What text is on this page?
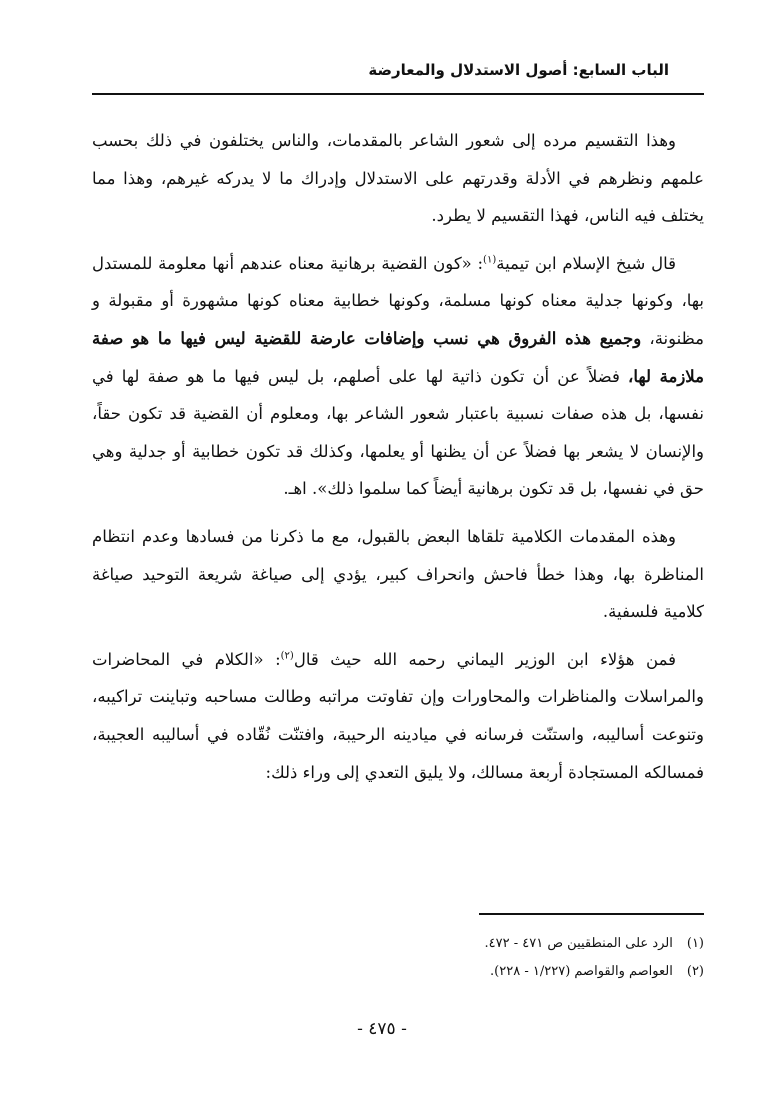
الباب السابع: أصول الاستدلال والمعارضة

وهذا التقسيم مرده إلى شعور الشاعر بالمقدمات، والناس يختلفون في ذلك بحسب علمهم ونظرهم في الأدلة وقدرتهم على الاستدلال وإدراك ما لا يدركه غيرهم، وهذا مما يختلف فيه الناس، فهذا التقسيم لا يطرد.

قال شيخ الإسلام ابن تيمية$^{(١)}$: «كون القضية برهانية معناه عندهم أنها معلومة للمستدل بها، وكونها جدلية معناه كونها مسلمة، وكونها خطابية معناه كونها مشهورة أو مقبولة و مظنونة، وجميع هذه الفروق هي نسب وإضافات عارضة للقضية ليس فيها ما هو صفة ملازمة لها، فضلاً عن أن تكون ذاتية لها على أصلهم، بل ليس فيها ما هو صفة لها في نفسها، بل هذه صفات نسبية باعتبار شعور الشاعر بها، ومعلوم أن القضية قد تكون حقاً، والإنسان لا يشعر بها فضلاً عن أن يظنها أو يعلمها، وكذلك قد تكون خطابية أو جدلية وهي حق في نفسها، بل قد تكون برهانية أيضاً كما سلموا ذلك». اهـ.

وهذه المقدمات الكلامية تلقاها البعض بالقبول، مع ما ذكرنا من فسادها وعدم انتظام المناظرة بها، وهذا خطأ فاحش وانحراف كبير، يؤدي إلى صياغة شريعة التوحيد صياغة كلامية فلسفية.

فمن هؤلاء ابن الوزير اليماني رحمه الله حيث قال$^{(٢)}$: «الكلام في المحاضرات والمراسلات والمناظرات والمحاورات وإن تفاوتت مراتبه وطالت مساحبه وتباينت تراكيبه، وتنوعت أساليبه، واستنّت فرسانه في ميادينه الرحيبة، وافتنّت نُقّاده في أساليبه العجيبة، فمسالكه المستجادة أربعة مسالك، ولا يليق التعدي إلى وراء ذلك:

(١)الرد على المنطقيين ص ٤٧١ - ٤٧٢.
(٢)العواصم والقواصم (١/٢٢٧ - ٢٢٨).
- ٤٧٥ -
